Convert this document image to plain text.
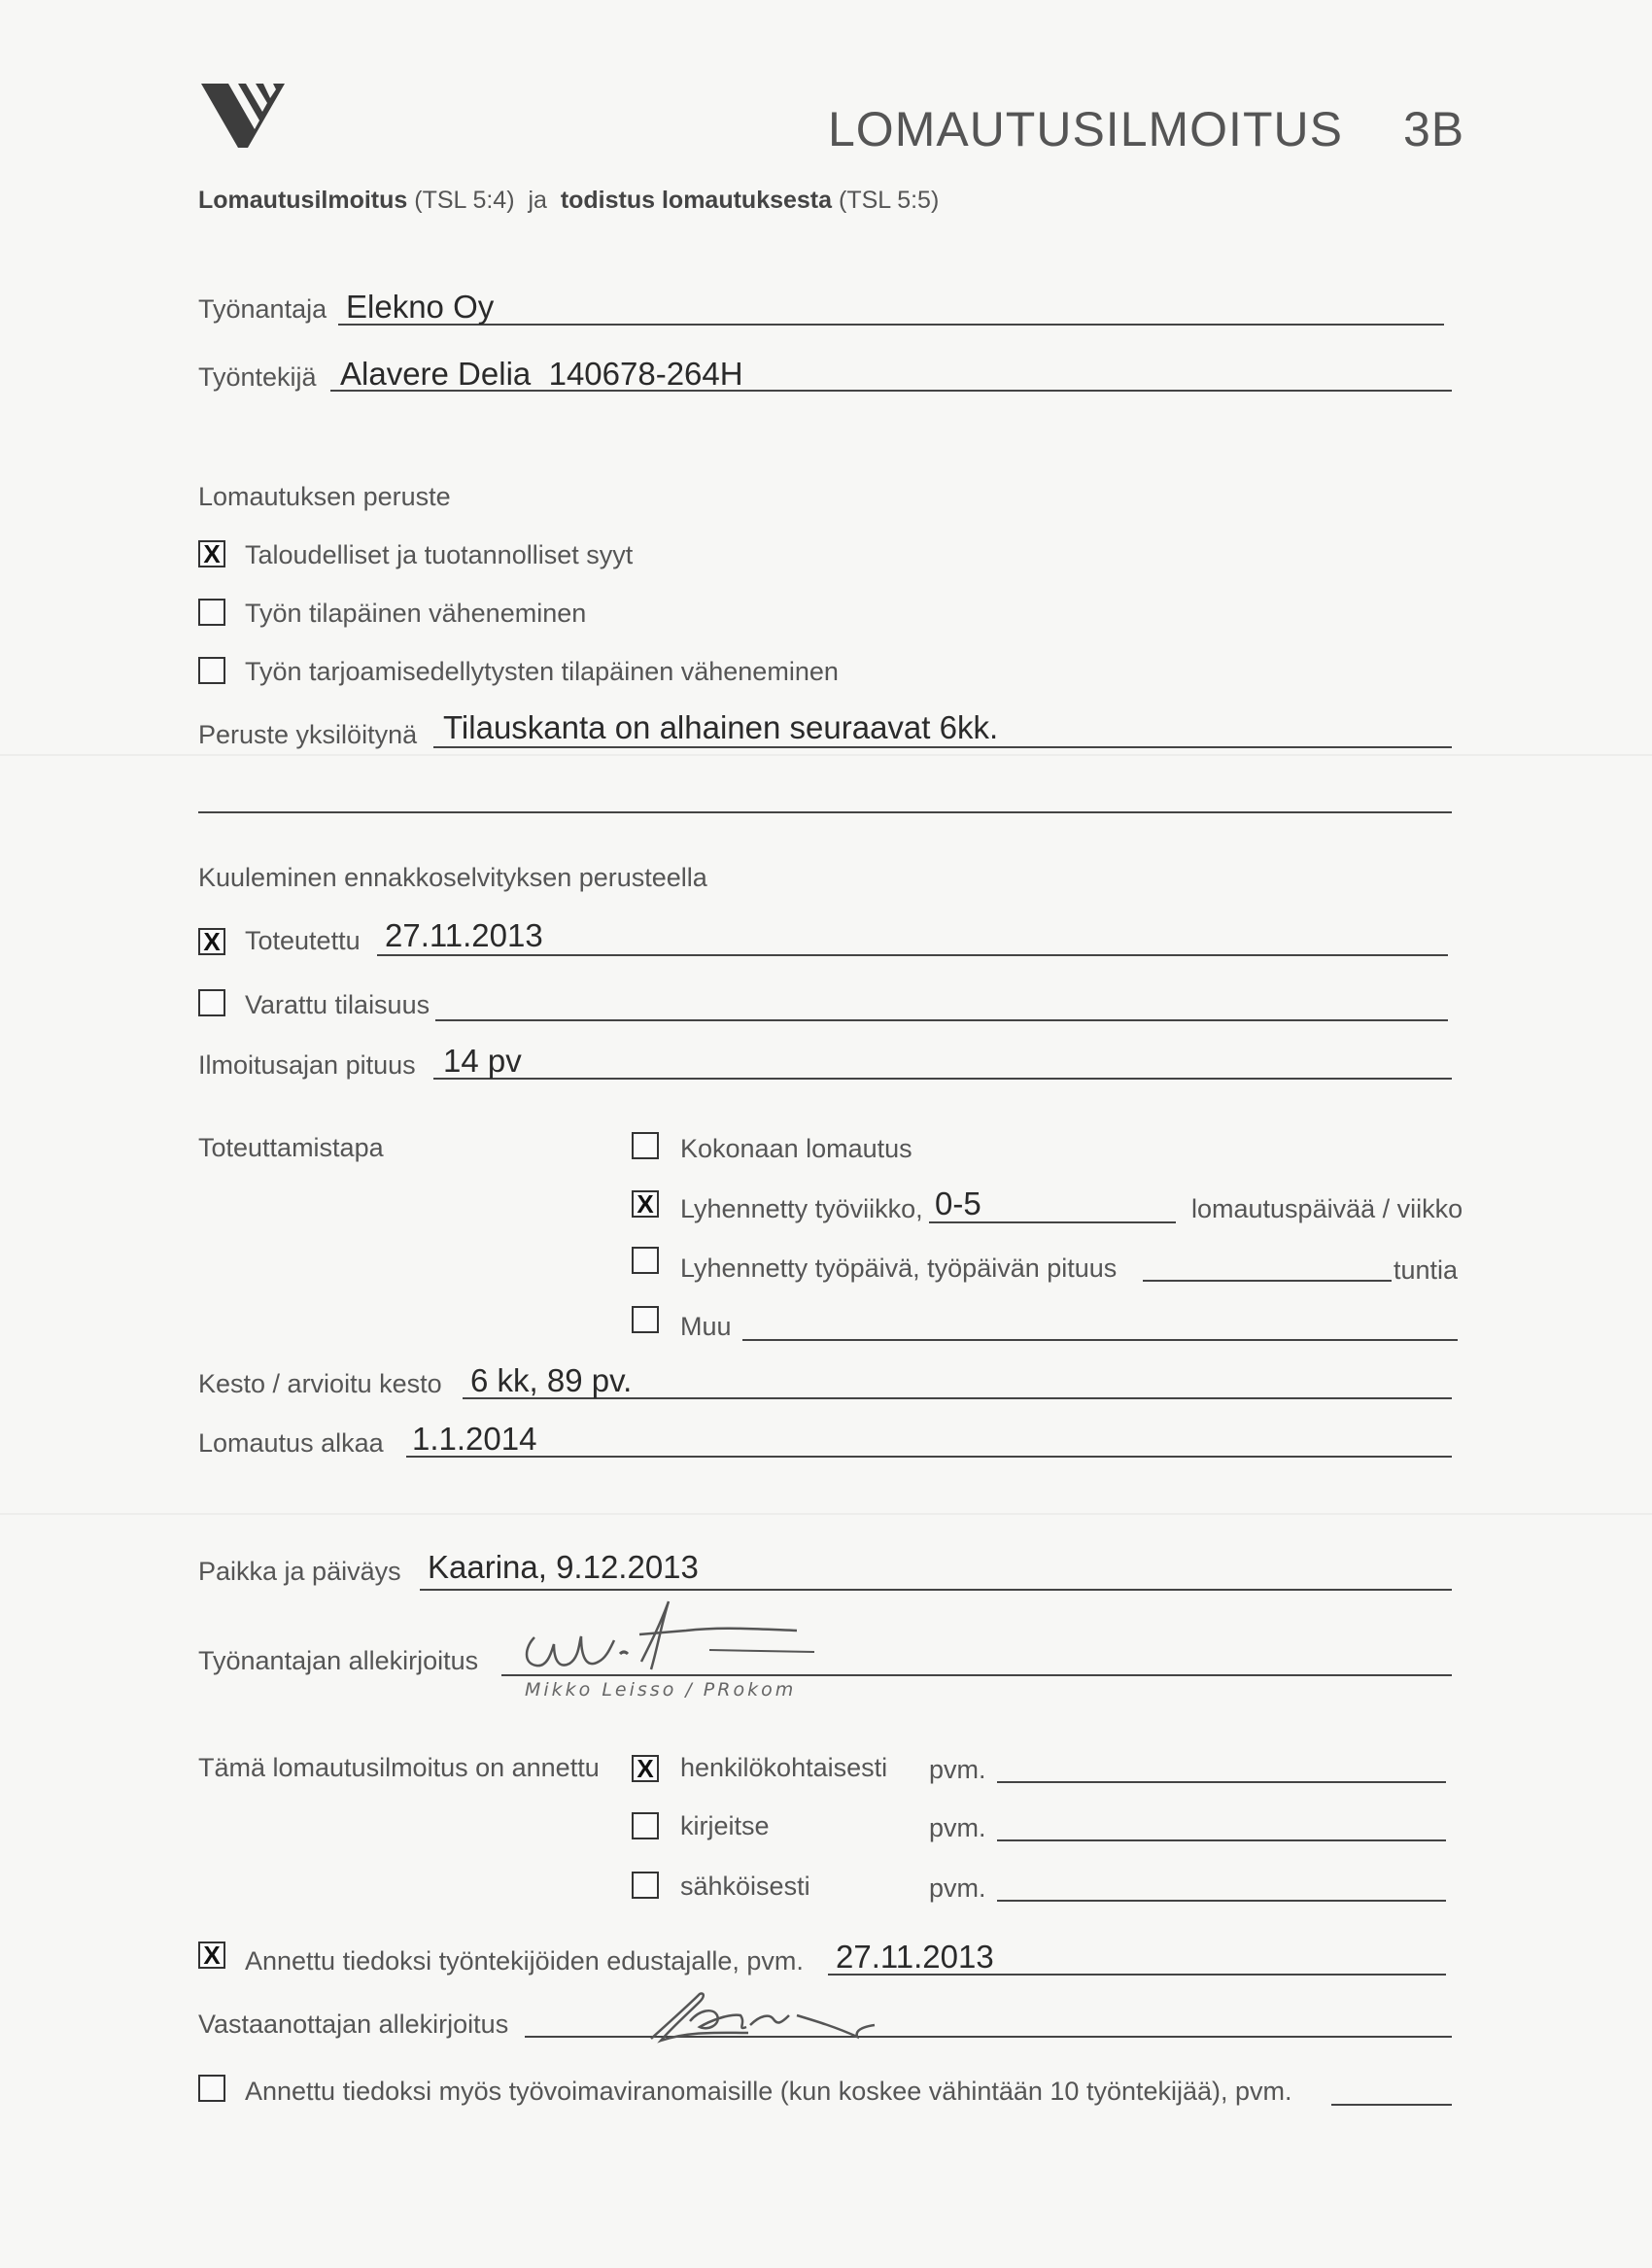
LOMAUTUSILMOITUS 3B
Lomautusilmoitus (TSL 5:4) ja todistus lomautuksesta (TSL 5:5)
Työnantaja Elekno Oy
Työntekijä Alavere Delia  140678-264H
Lomautuksen peruste
X Taloudelliset ja tuotannolliset syyt
Työn tilapäinen väheneminen
Työn tarjoamisedellytysten tilapäinen väheneminen
Peruste yksilöitynä Tilauskanta on alhainen seuraavat 6kk.
Kuuleminen ennakkoselvityksen perusteella
X Toteutettu 27.11.2013
Varattu tilaisuus
Ilmoitusajan pituus 14 pv
Toteuttamistapa	Kokonaan lomautus
X Lyhennetty työviikko, 0-5	lomautuspäivää / viikko
Lyhennetty työpäivä, työpäivän pituus	tuntia
Muu
Kesto / arvioitu kesto 6 kk, 89 pv.
Lomautus alkaa 1.1.2014
Paikka ja päiväys Kaarina, 9.12.2013
Työnantajan allekirjoitus
Mikko Leisso / PRokom
Tämä lomautusilmoitus on annettu X henkilökohtaisesti pvm.
kirjeitse	pvm.
sähköisesti	pvm.
X Annettu tiedoksi työntekijöiden edustajalle, pvm. 27.11.2013
Vastaanottajan allekirjoitus
Annettu tiedoksi myös työvoimaviranomaisille (kun koskee vähintään 10 työntekijää), pvm.
